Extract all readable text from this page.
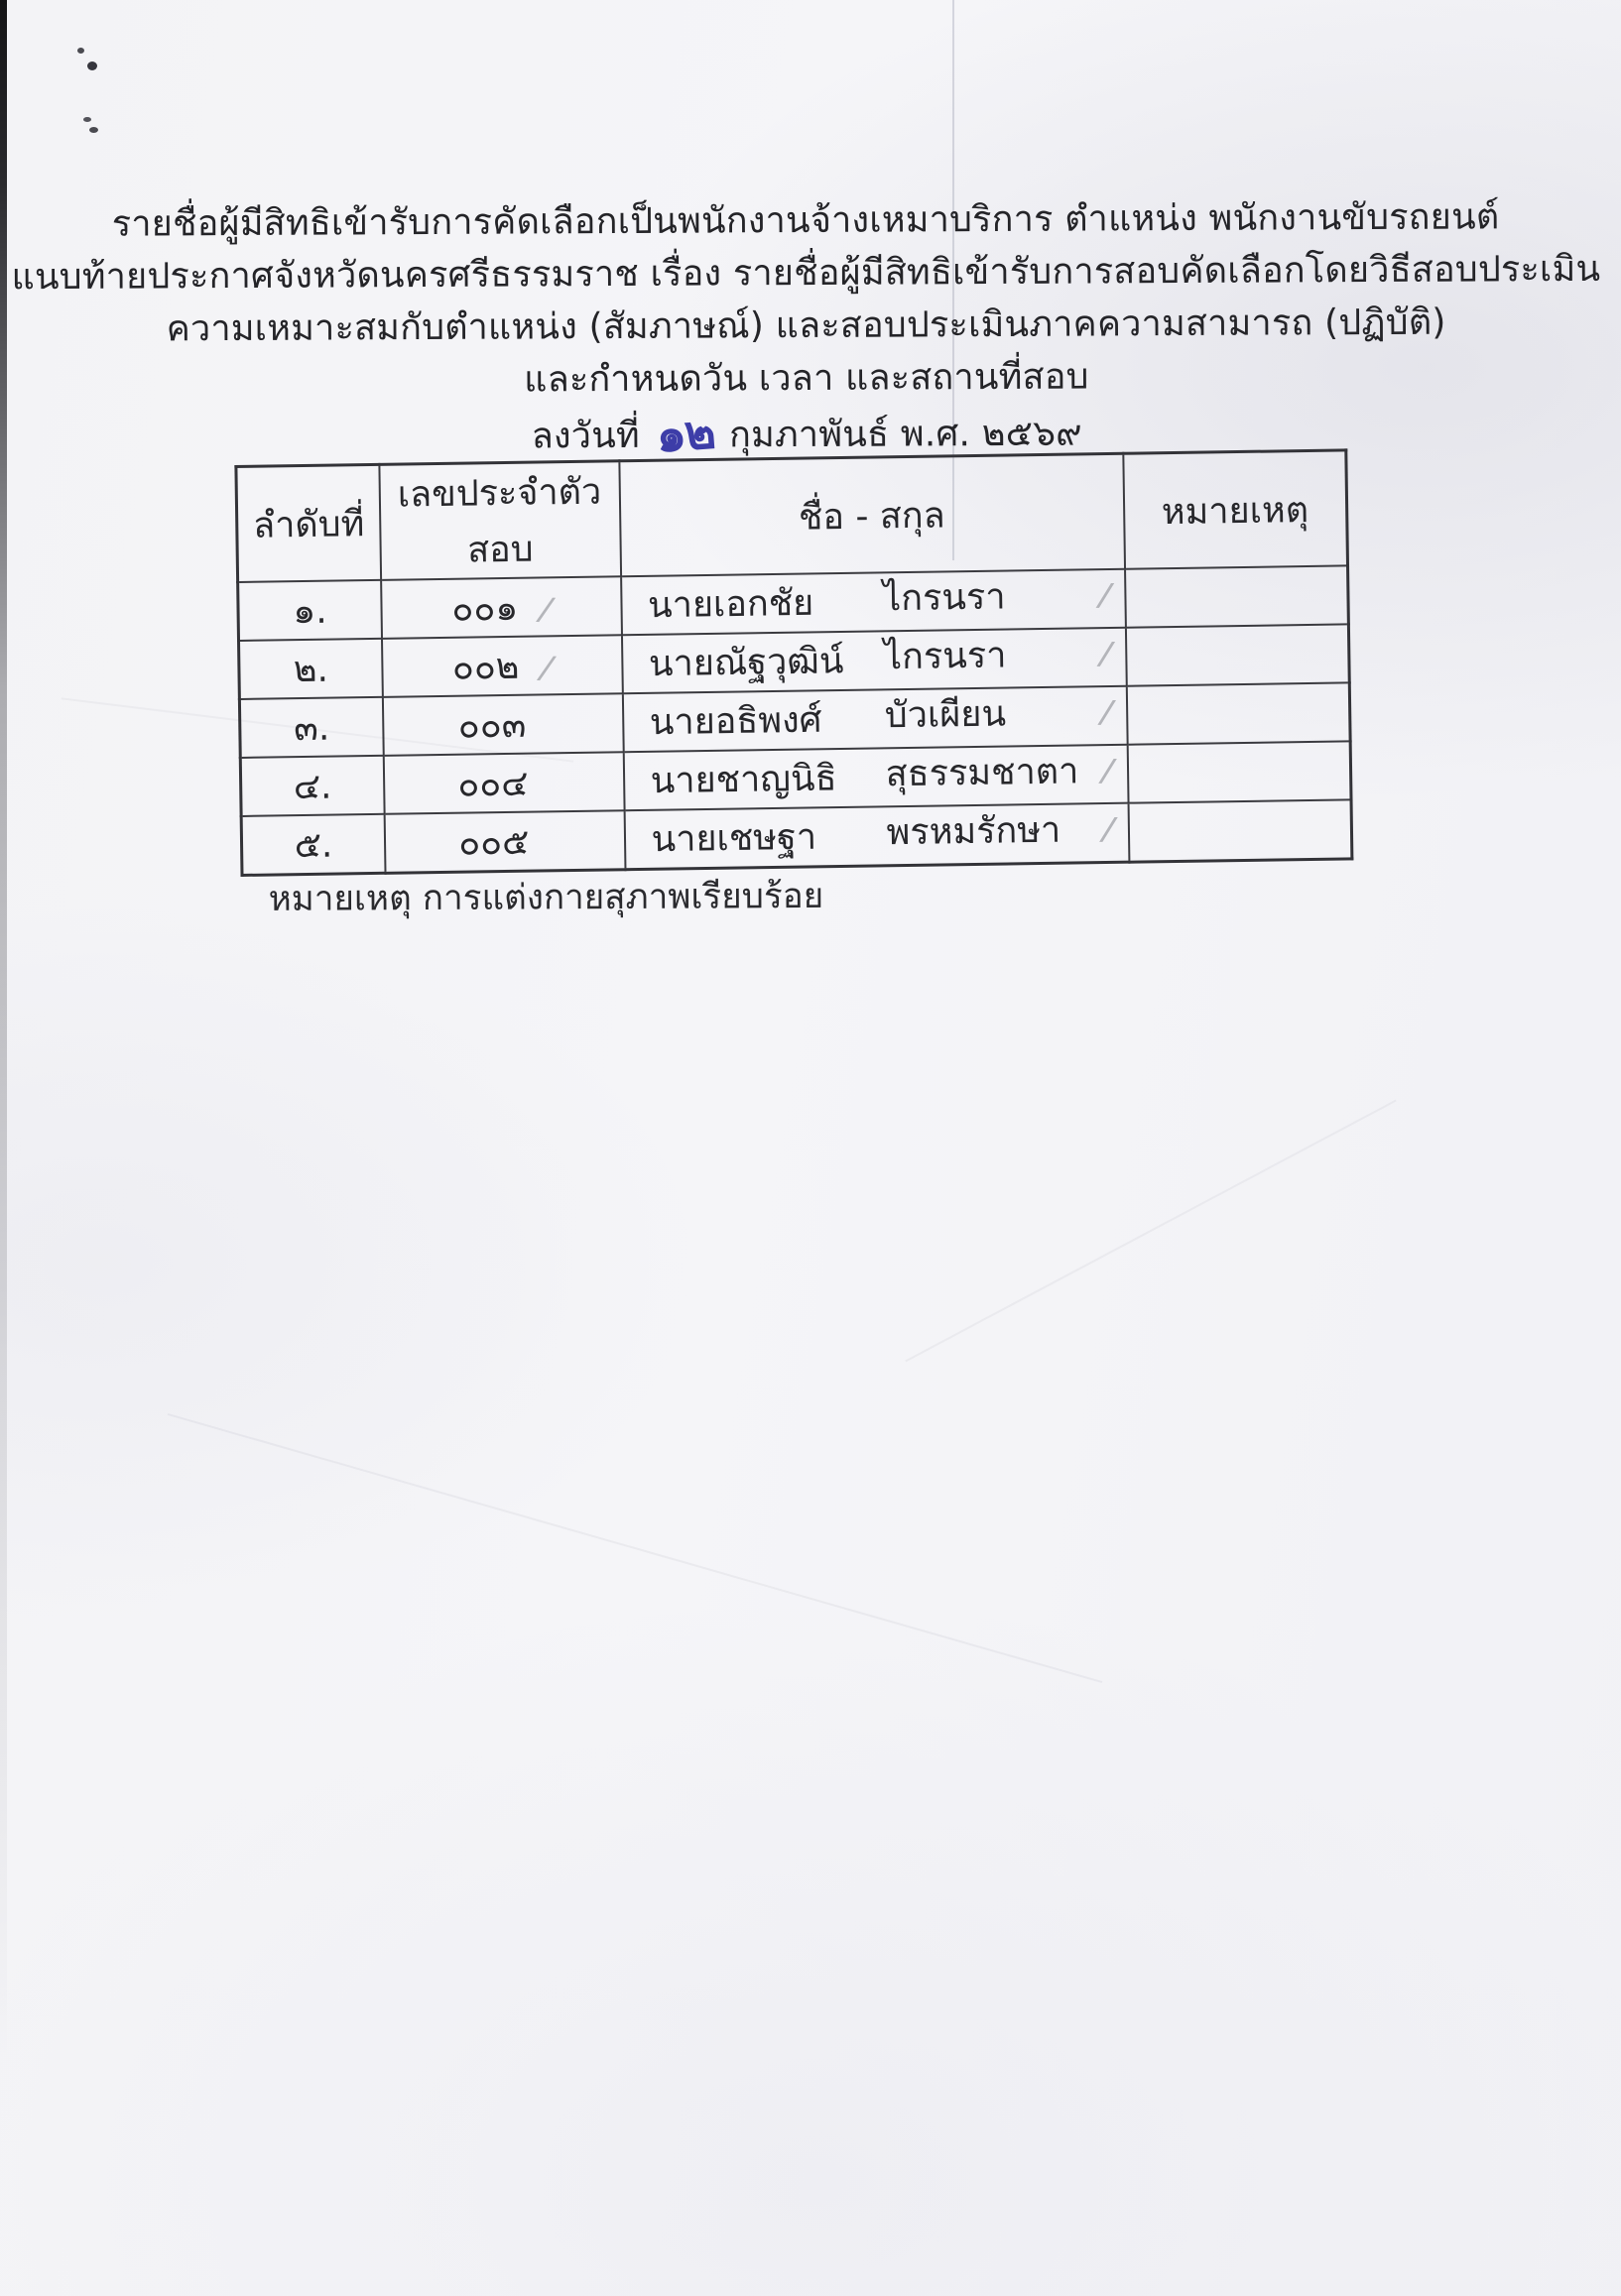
รายชื่อผู้มีสิทธิเข้ารับการคัดเลือกเป็นพนักงานจ้างเหมาบริการ ตำแหน่ง พนักงานขับรถยนต์
แนบท้ายประกาศจังหวัดนครศรีธรรมราช เรื่อง รายชื่อผู้มีสิทธิเข้ารับการสอบคัดเลือกโดยวิธีสอบประเมิน
ความเหมาะสมกับตำแหน่ง (สัมภาษณ์) และสอบประเมินภาคความสามารถ (ปฏิบัติ)
และกำหนดวัน เวลา และสถานที่สอบ
ลงวันที่ ๑๒ กุมภาพันธ์ พ.ศ. ๒๕๖๙
ลำดับที่	เลขประจำตัวสอบ	ชื่อ - สกุล	หมายเหตุ
๑.	๐๐๑ /	นายเอกชัย ไกรนรา /	

๒.	๐๐๒ /	นายณัฐวุฒิน์ ไกรนรา /	

๓.	๐๐๓	นายอธิพงศ์ บัวเผียน /	

๔.	๐๐๔	นายชาญนิธิ สุธรรมชาตา /	

๕.	๐๐๕	นายเชษฐา พรหมรักษา /	

หมายเหตุ การแต่งกายสุภาพเรียบร้อย
